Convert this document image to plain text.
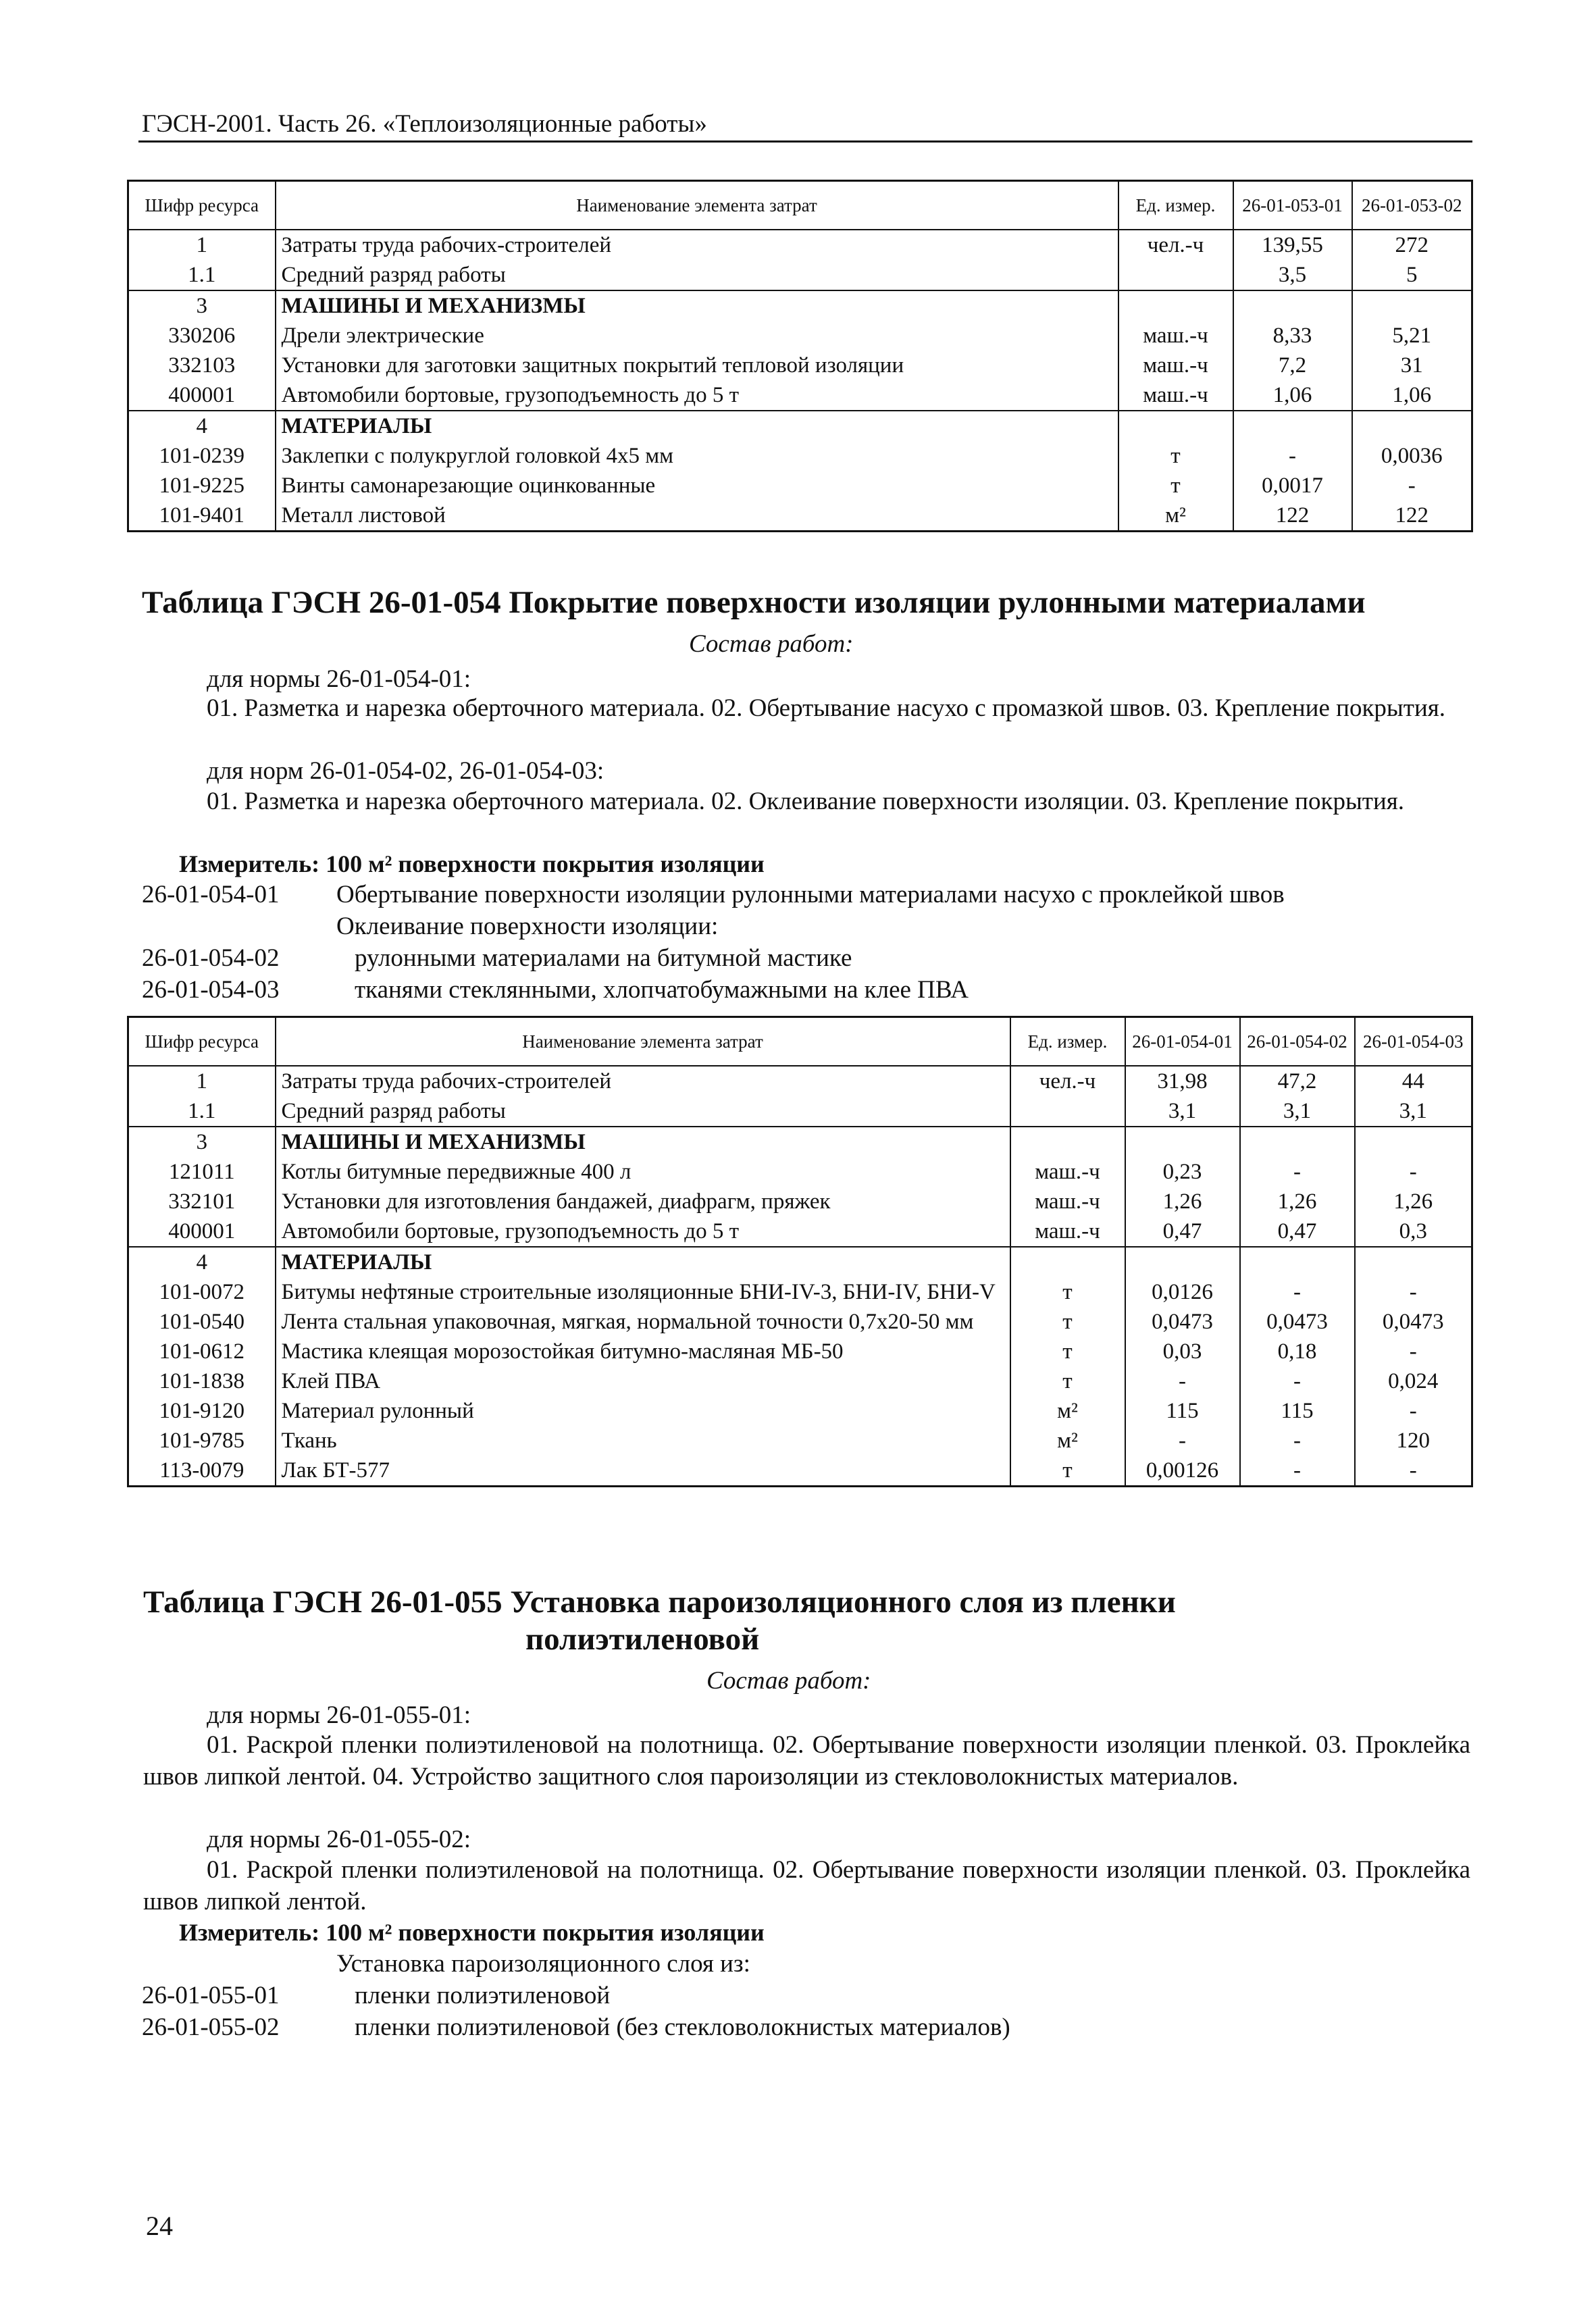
ГЭСН-2001. Часть 26. «Теплоизоляционные работы»
Шифр ресурса	Наименование элемента затрат	Ед. измер.	26-01-053-01	26-01-053-02
1	Затраты труда рабочих-строителей	чел.-ч	139,55	272
1.1	Средний разряд работы		3,5	5
3	МАШИНЫ И МЕХАНИЗМЫ			
330206	Дрели электрические	маш.-ч	8,33	5,21
332103	Установки для заготовки защитных покрытий тепловой изоляции	маш.-ч	7,2	31
400001	Автомобили бортовые, грузоподъемность до 5 т	маш.-ч	1,06	1,06
4	МАТЕРИАЛЫ			
101-0239	Заклепки с полукруглой головкой 4х5 мм	т	-	0,0036
101-9225	Винты самонарезающие оцинкованные	т	0,0017	-
101-9401	Металл листовой	м²	122	122
Таблица ГЭСН 26-01-054 Покрытие поверхности изоляции рулонными материалами
Состав работ:
для нормы 26-01-054-01:
01. Разметка и нарезка оберточного материала. 02. Обертывание насухо с промазкой швов. 03. Крепление покрытия.
для норм 26-01-054-02, 26-01-054-03:
01. Разметка и нарезка оберточного материала. 02. Оклеивание поверхности изоляции. 03. Крепление покрытия.
Измеритель: 100 м² поверхности покрытия изоляции
26-01-054-01 Обертывание поверхности изоляции рулонными материалами насухо с проклейкой швов
Оклеивание поверхности изоляции:
26-01-054-02	рулонными материалами на битумной мастике
26-01-054-03	тканями стеклянными, хлопчатобумажными на клее ПВА
Шифр ресурса	Наименование элемента затрат	Ед. измер.	26-01-054-01	26-01-054-02	26-01-054-03
1	Затраты труда рабочих-строителей	чел.-ч	31,98	47,2	44
1.1	Средний разряд работы		3,1	3,1	3,1
3	МАШИНЫ И МЕХАНИЗМЫ				
121011	Котлы битумные передвижные 400 л	маш.-ч	0,23	-	-
332101	Установки для изготовления бандажей, диафрагм, пряжек	маш.-ч	1,26	1,26	1,26
400001	Автомобили бортовые, грузоподъемность до 5 т	маш.-ч	0,47	0,47	0,3
4	МАТЕРИАЛЫ				
101-0072	Битумы нефтяные строительные изоляционные БНИ-IV-3, БНИ-IV, БНИ-V	т	0,0126	-	-
101-0540	Лента стальная упаковочная, мягкая, нормальной точности 0,7х20-50 мм	т	0,0473	0,0473	0,0473
101-0612	Мастика клеящая морозостойкая битумно-масляная МБ-50	т	0,03	0,18	-
101-1838	Клей ПВА	т	-	-	0,024
101-9120	Материал рулонный	м²	115	115	-
101-9785	Ткань	м²	-	-	120
113-0079	Лак БТ-577	т	0,00126	-	-
Таблица ГЭСН 26-01-055 Установка пароизоляционного слоя из пленки
полиэтиленовой
Состав работ:
для нормы 26-01-055-01:
01. Раскрой пленки полиэтиленовой на полотнища. 02. Обертывание поверхности изоляции пленкой. 03. Проклейка швов липкой лентой. 04. Устройство защитного слоя пароизоляции из стекловолокнистых материалов.
для нормы 26-01-055-02:
01. Раскрой пленки полиэтиленовой на полотнища. 02. Обертывание поверхности изоляции пленкой. 03. Проклейка швов липкой лентой.
Измеритель: 100 м² поверхности покрытия изоляции
Установка пароизоляционного слоя из:
26-01-055-01	пленки полиэтиленовой
26-01-055-02	пленки полиэтиленовой (без стекловолокнистых материалов)
24
